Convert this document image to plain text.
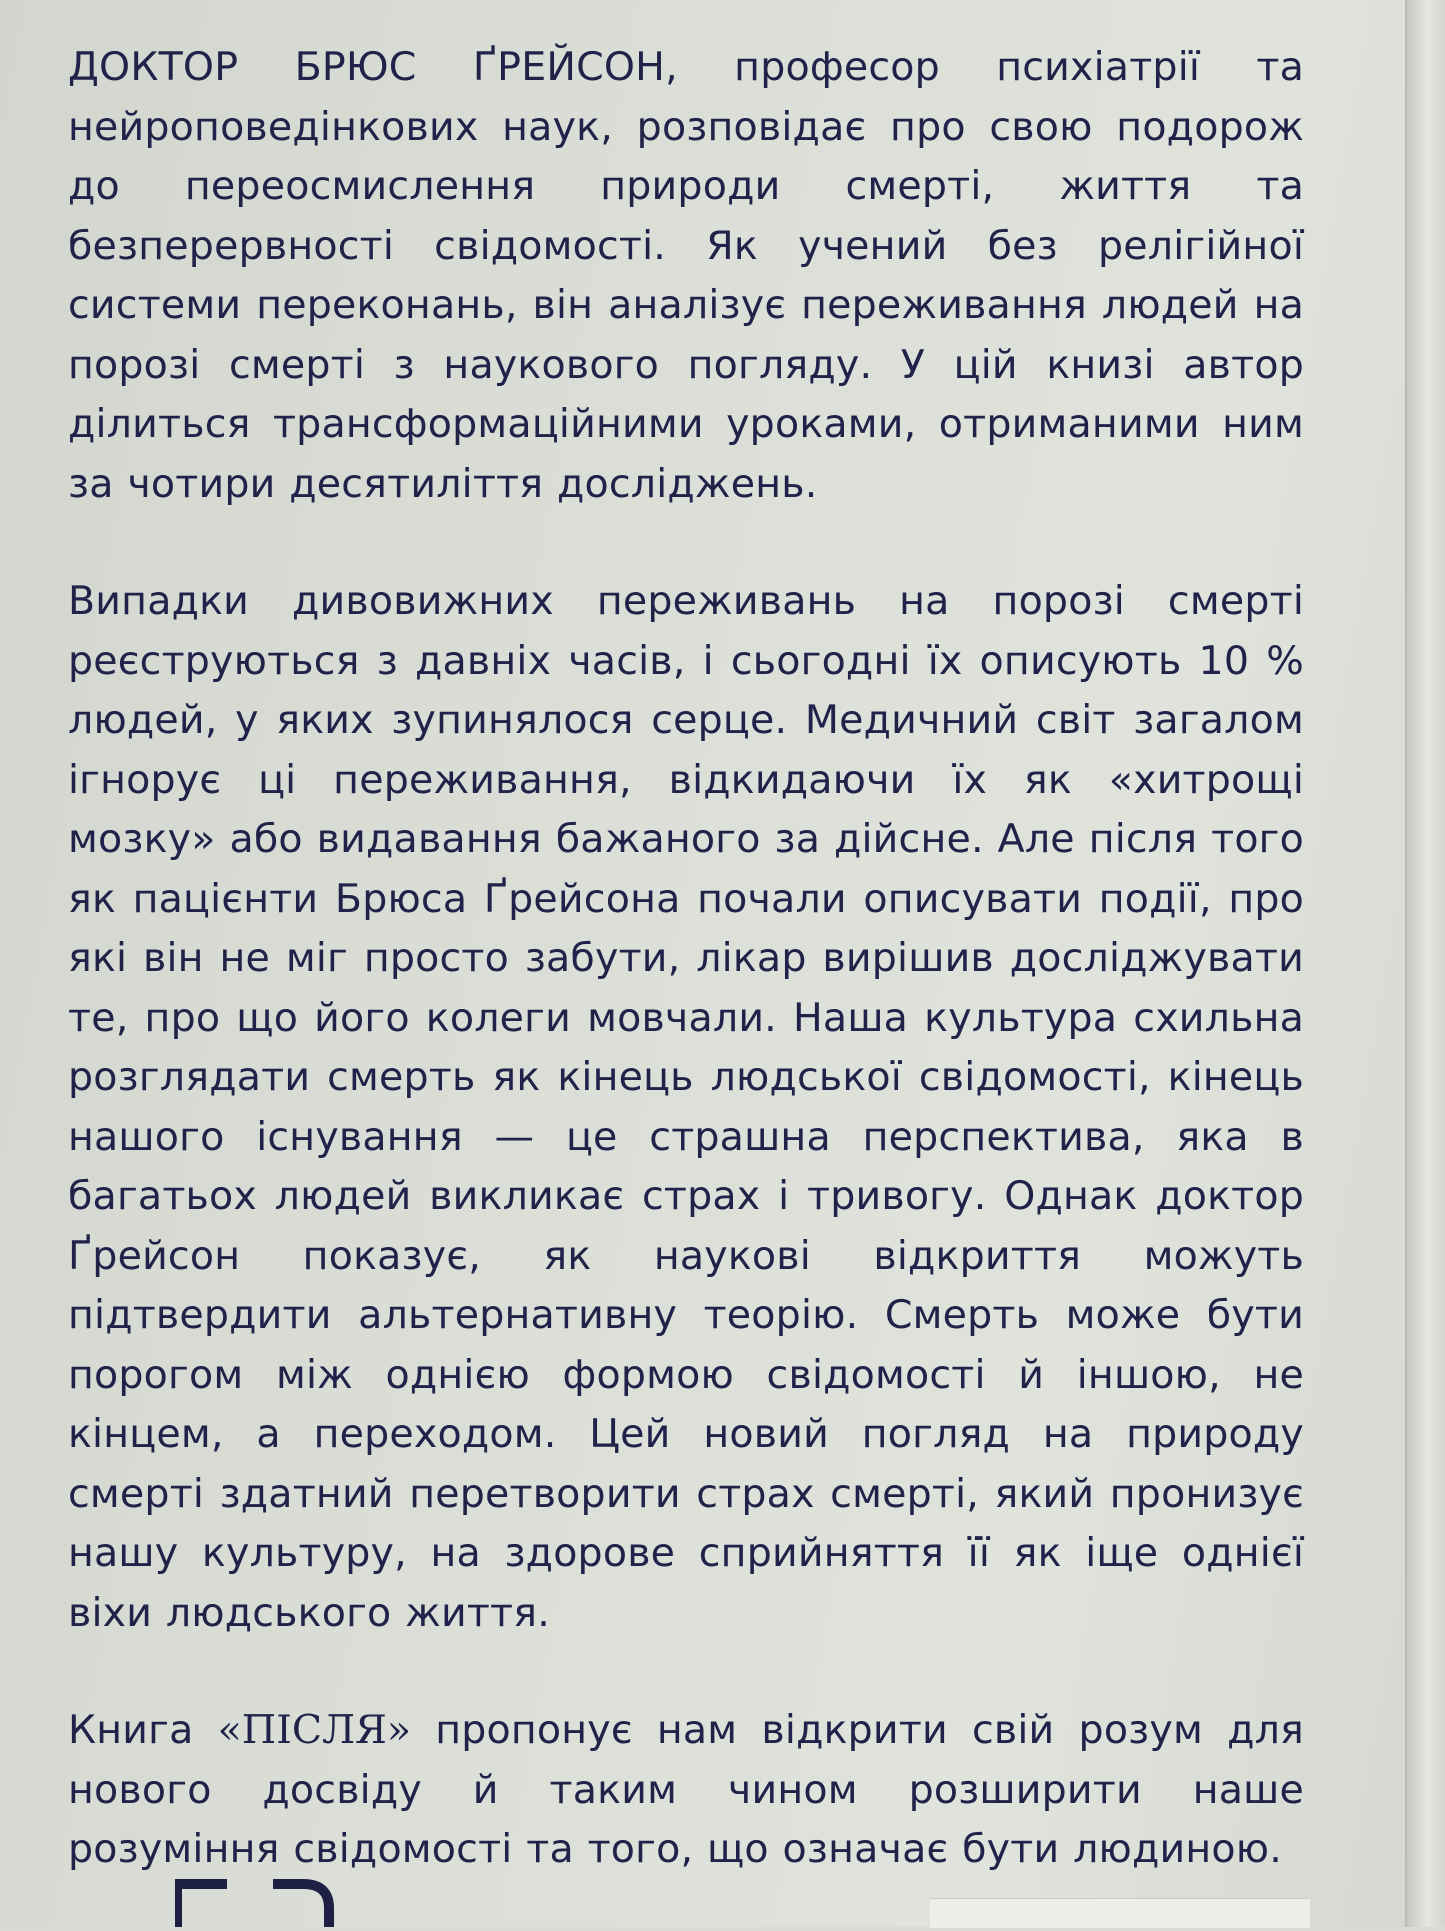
ДОКТОР БРЮС ҐРЕЙСОН, професор психіатрії та нейроповедінкових наук, розповідає про свою подорож до переосмислення природи смерті, життя та безперервності свідомості. Як учений без релігійної системи переконань, він аналізує переживання людей на порозі смерті з наукового погляду. У цій книзі автор ділиться трансформаційними уроками, отриманими ним за чотири десятиліття досліджень.

Випадки дивовижних переживань на порозі смерті реєструються з давніх часів, і сьогодні їх описують 10 % людей, у яких зупинялося серце. Медичний світ загалом ігнорує ці переживання, відкидаючи їх як «хитрощі мозку» або видавання бажаного за дійсне. Але після того як пацієнти Брюса Ґрейсона почали описувати події, про які він не міг просто забути, лікар вирішив досліджувати те, про що його колеги мовчали. Наша культура схильна розглядати смерть як кінець людської свідомості, кінець нашого існування — це страшна перспектива, яка в багатьох людей викликає страх і тривогу. Однак доктор Ґрейсон показує, як наукові відкриття можуть підтвердити альтернативну теорію. Смерть може бути порогом між однією формою свідомості й іншою, не кінцем, а переходом. Цей новий погляд на природу смерті здатний перетворити страх смерті, який пронизує нашу культуру, на здорове сприйняття її як іще однієї віхи людського життя.

Книга «ПІСЛЯ» пропонує нам відкрити свій розум для нового досвіду й таким чином розширити наше розуміння свідомості та того, що означає бути людиною.
